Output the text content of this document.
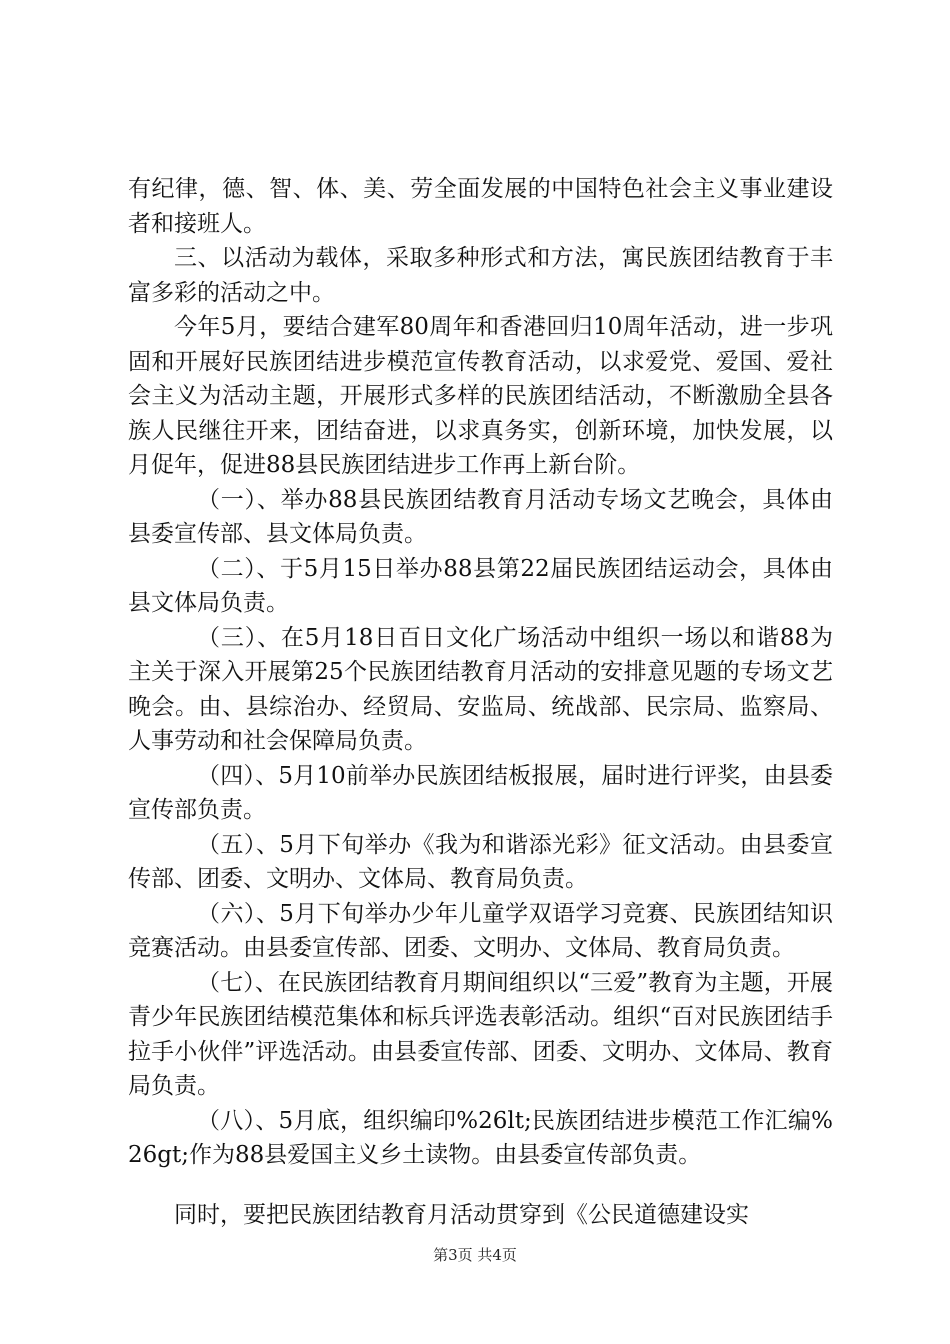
有纪律，德、智、体、美、劳全面发展的中国特色社会主义事业建设者和接班人。

三、以活动为载体，采取多种形式和方法，寓民族团结教育于丰富多彩的活动之中。

今年5月，要结合建军80周年和香港回归10周年活动，进一步巩固和开展好民族团结进步模范宣传教育活动，以求爱党、爱国、爱社会主义为活动主题，开展形式多样的民族团结活动，不断激励全县各族人民继往开来，团结奋进，以求真务实，创新环境，加快发展，以月促年，促进88县民族团结进步工作再上新台阶。

（一）、举办88县民族团结教育月活动专场文艺晚会，具体由县委宣传部、县文体局负责。

（二）、于5月15日举办88县第22届民族团结运动会，具体由县文体局负责。

（三）、在5月18日百日文化广场活动中组织一场以和谐88为主关于深入开展第25个民族团结教育月活动的安排意见题的专场文艺晚会。由、县综治办、经贸局、安监局、统战部、民宗局、监察局、人事劳动和社会保障局负责。

（四）、5月10前举办民族团结板报展，届时进行评奖，由县委宣传部负责。

（五）、5月下旬举办《我为和谐添光彩》征文活动。由县委宣传部、团委、文明办、文体局、教育局负责。

（六）、5月下旬举办少年儿童学双语学习竞赛、民族团结知识竞赛活动。由县委宣传部、团委、文明办、文体局、教育局负责。

（七）、在民族团结教育月期间组织以“三爱”教育为主题，开展青少年民族团结模范集体和标兵评选表彰活动。组织“百对民族团结手拉手小伙伴”评选活动。由县委宣传部、团委、文明办、文体局、教育局负责。

（八）、5月底，组织编印%26lt;民族团结进步模范工作汇编%26gt;作为88县爱国主义乡土读物。由县委宣传部负责。

同时，要把民族团结教育月活动贯穿到《公民道德建设实

第3页 共4页
